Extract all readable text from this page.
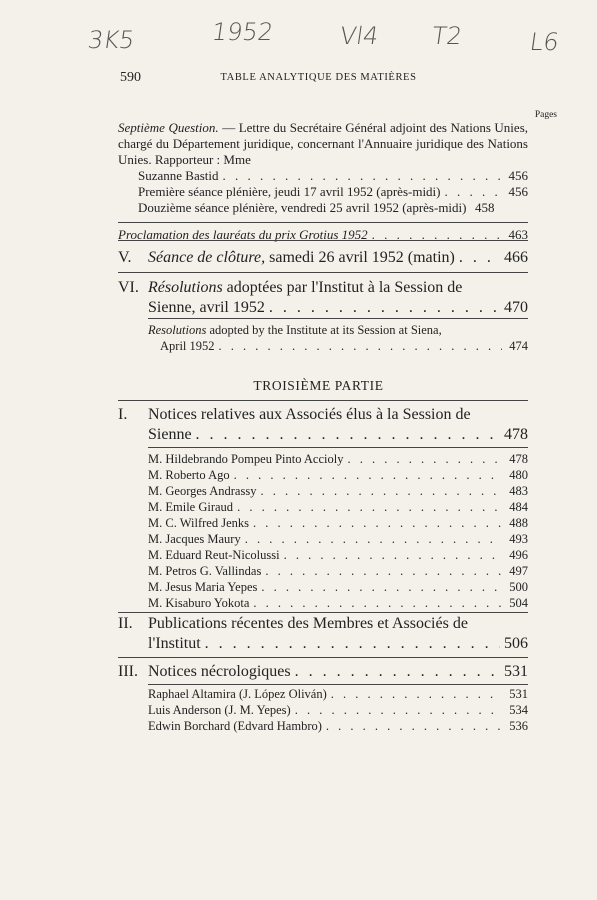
3K5	1952	Vl4 T2	L6
590	TABLE ANALYTIQUE DES MATIÈRES
Pages
Septième Question. — Lettre du Secrétaire Général adjoint des Nations Unies, chargé du Département juridique, concernant l'Annuaire juridique des Nations Unies. Rapporteur : Mme
Suzanne Bastid . . .	456
Première séance plénière, jeudi 17 avril 1952 (après-midi) . . .	456
Douzième séance plénière, vendredi 25 avril 1952 (après-midi) 458
Proclamation des lauréats du prix Grotius 1952 . . .	463
V. Séance de clôture, samedi 26 avril 1952 (matin) . . .	466
VI. Résolutions adoptées par l'Institut à la Session de
Sienne, avril 1952 . . .	470
Resolutions adopted by the Institute at its Session at Siena,
April 1952 . . .	474
TROISIÈME PARTIE
I. Notices relatives aux Associés élus à la Session de
Sienne . . .	478
M. Hildebrando Pompeu Pinto Accioly . . .	478
M. Roberto Ago . . .	480
M. Georges Andrassy . . .	483
M. Emile Giraud . . .	484
M. C. Wilfred Jenks . . .	488
M. Jacques Maury . . .	493
M. Eduard Reut-Nicolussi . . .	496
M. Petros G. Vallindas . . .	497
M. Jesus Maria Yepes . . .	500
M. Kisaburo Yokota . . .	504
II. Publications récentes des Membres et Associés de
l'Institut . . .	506
III. Notices nécrologiques . . .	531
Raphael Altamira (J. López Oliván) . . .	531
Luis Anderson (J. M. Yepes) . . .	534
Edwin Borchard (Edvard Hambro) . . .	536
